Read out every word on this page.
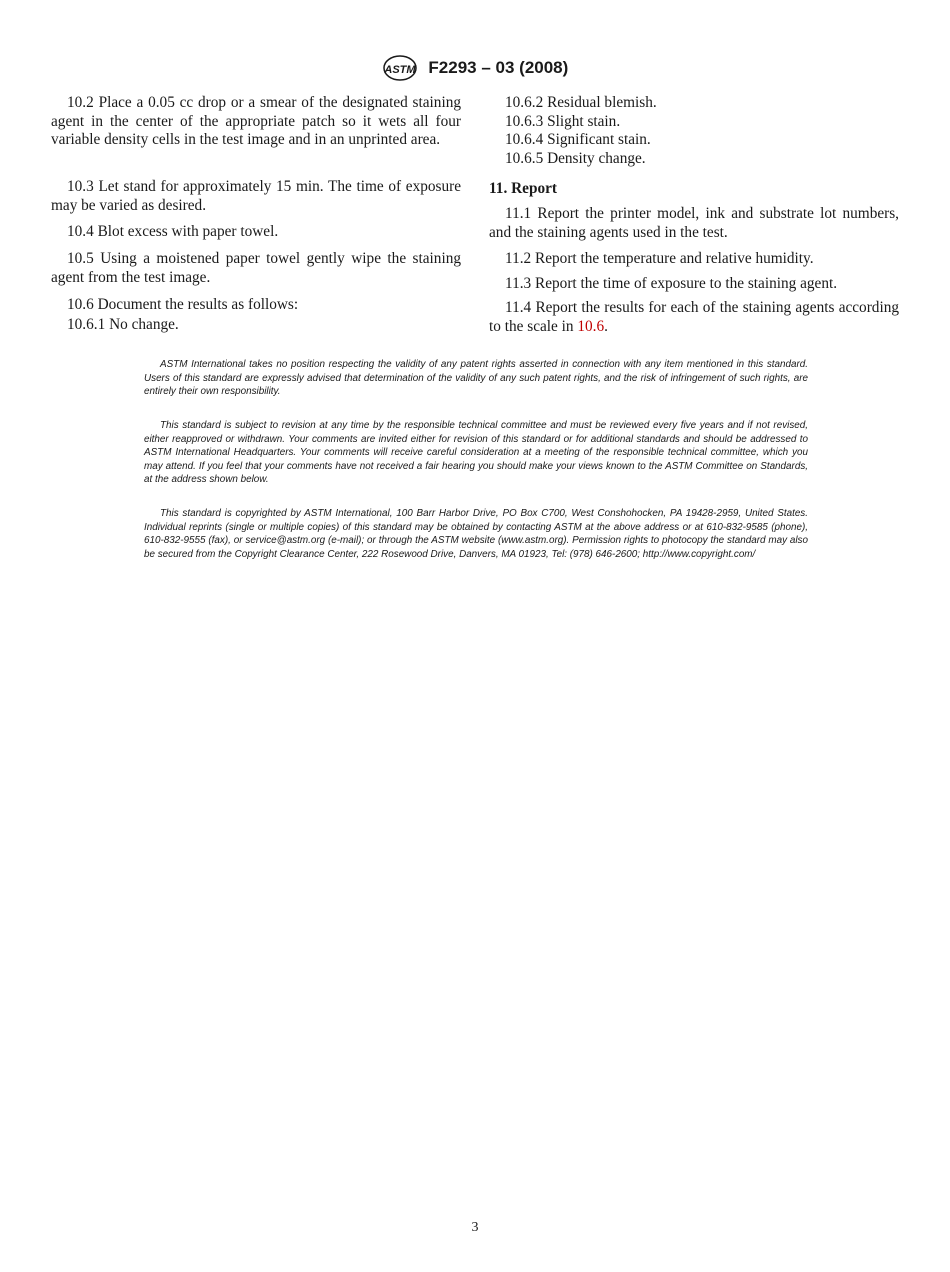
ASTM F2293 – 03 (2008)

10.2 Place a 0.05 cc drop or a smear of the designated staining agent in the center of the appropriate patch so it wets all four variable density cells in the test image and in an unprinted area.

10.3 Let stand for approximately 15 min. The time of exposure may be varied as desired.

10.4 Blot excess with paper towel.

10.5 Using a moistened paper towel gently wipe the staining agent from the test image.

10.6 Document the results as follows:

10.6.1 No change.

10.6.2 Residual blemish.

10.6.3 Slight stain.

10.6.4 Significant stain.

10.6.5 Density change.

11. Report

11.1 Report the printer model, ink and substrate lot numbers, and the staining agents used in the test.

11.2 Report the temperature and relative humidity.

11.3 Report the time of exposure to the staining agent.

11.4 Report the results for each of the staining agents according to the scale in 10.6.

ASTM International takes no position respecting the validity of any patent rights asserted in connection with any item mentioned in this standard. Users of this standard are expressly advised that determination of the validity of any such patent rights, and the risk of infringement of such rights, are entirely their own responsibility.

This standard is subject to revision at any time by the responsible technical committee and must be reviewed every five years and if not revised, either reapproved or withdrawn. Your comments are invited either for revision of this standard or for additional standards and should be addressed to ASTM International Headquarters. Your comments will receive careful consideration at a meeting of the responsible technical committee, which you may attend. If you feel that your comments have not received a fair hearing you should make your views known to the ASTM Committee on Standards, at the address shown below.

This standard is copyrighted by ASTM International, 100 Barr Harbor Drive, PO Box C700, West Conshohocken, PA 19428-2959, United States. Individual reprints (single or multiple copies) of this standard may be obtained by contacting ASTM at the above address or at 610-832-9585 (phone), 610-832-9555 (fax), or service@astm.org (e-mail); or through the ASTM website (www.astm.org). Permission rights to photocopy the standard may also be secured from the Copyright Clearance Center, 222 Rosewood Drive, Danvers, MA 01923, Tel: (978) 646-2600; http://www.copyright.com/

3
